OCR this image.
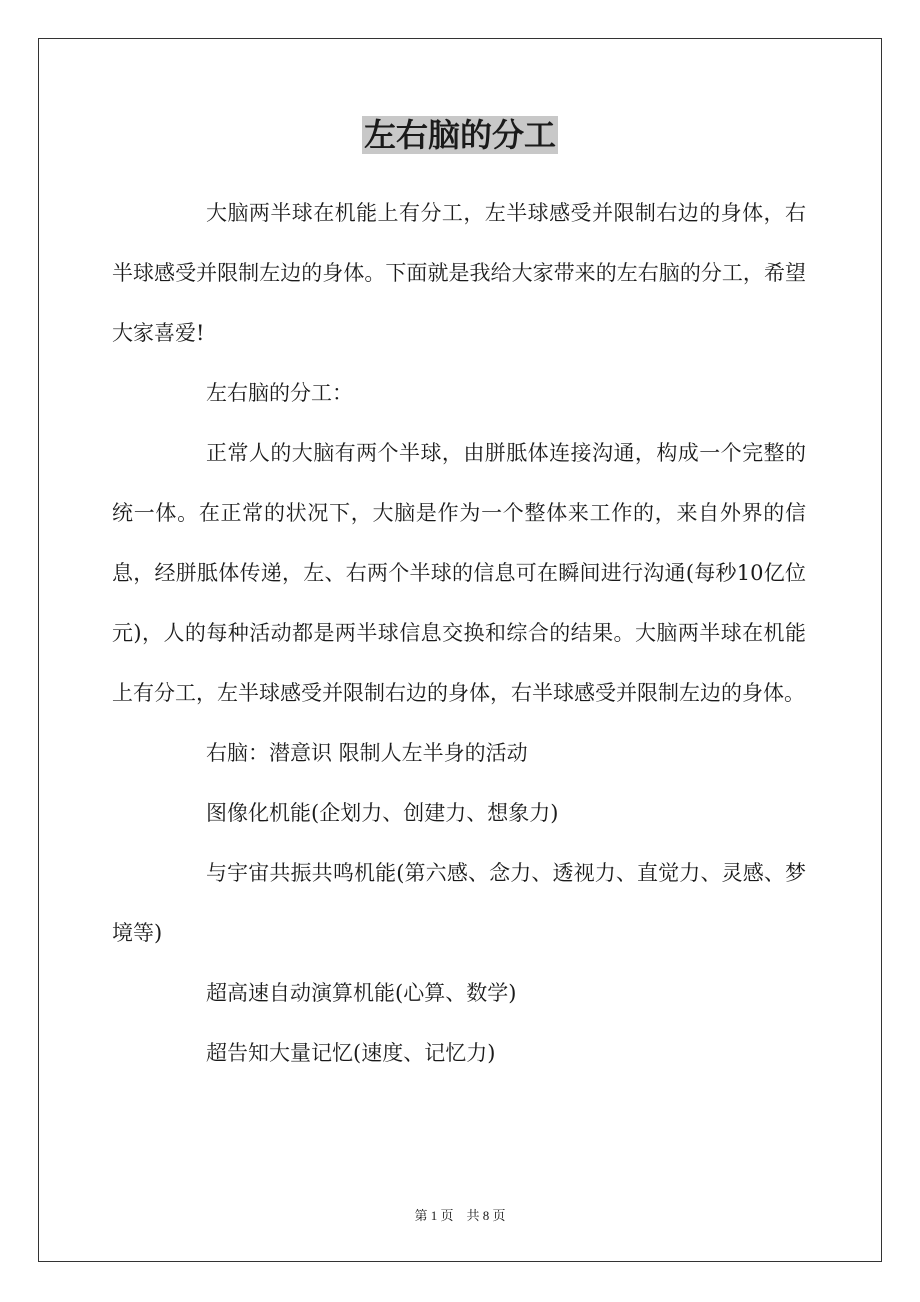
左右脑的分工

大脑两半球在机能上有分工，左半球感受并限制右边的身体，右半球感受并限制左边的身体。下面就是我给大家带来的左右脑的分工，希望大家喜爱!

左右脑的分工：

正常人的大脑有两个半球，由胼胝体连接沟通，构成一个完整的统一体。在正常的状况下，大脑是作为一个整体来工作的，来自外界的信息，经胼胝体传递，左、右两个半球的信息可在瞬间进行沟通(每秒10亿位元)，人的每种活动都是两半球信息交换和综合的结果。大脑两半球在机能上有分工，左半球感受并限制右边的身体，右半球感受并限制左边的身体。

右脑：潜意识 限制人左半身的活动

图像化机能(企划力、创建力、想象力)

与宇宙共振共鸣机能(第六感、念力、透视力、直觉力、灵感、梦境等)

超高速自动演算机能(心算、数学)

超告知大量记忆(速度、记忆力)

第 1 页　共 8 页
